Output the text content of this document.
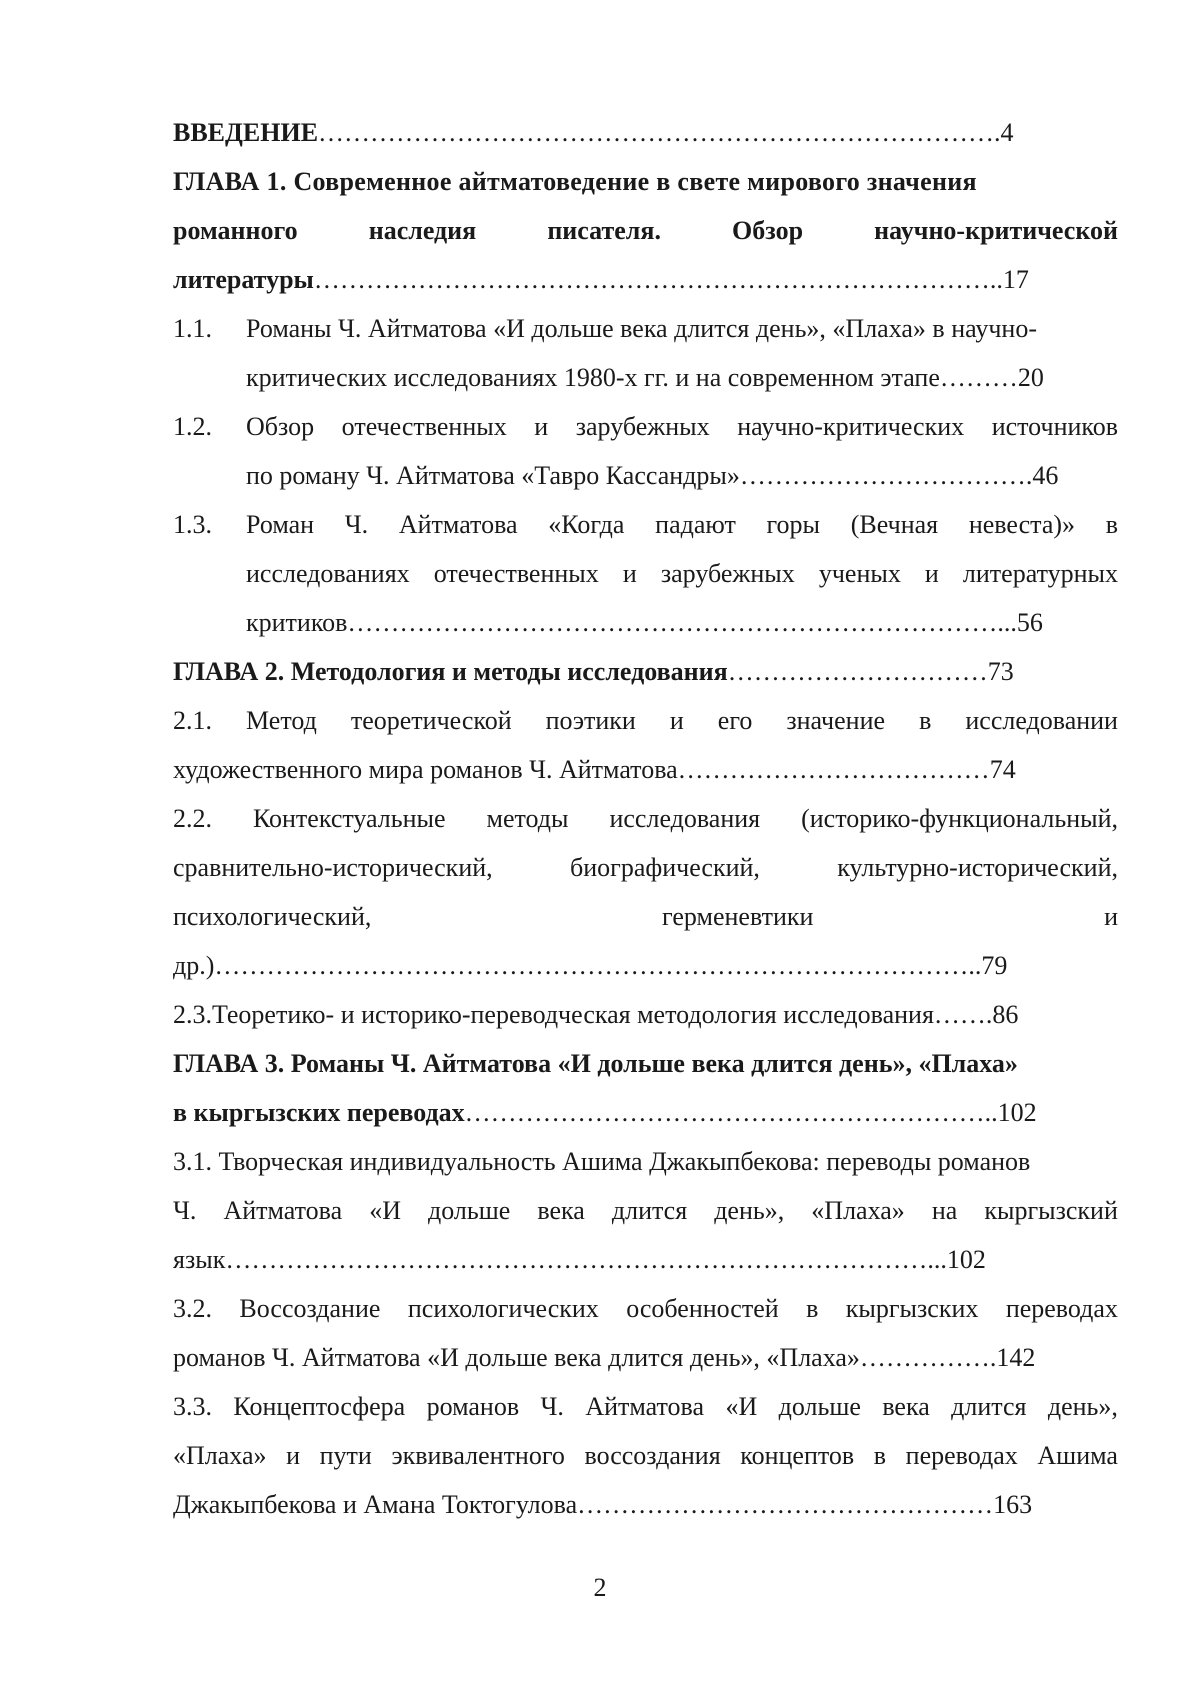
ВВЕДЕНИЕ…………………………………………………………………….4
ГЛАВА 1. Современное айтматоведение в свете мирового значения
романного	наследия	писателя.	Обзор	научно-критической
литературы……………………………………………………………………..17
1.1. Романы Ч. Айтматова «И дольше века длится день», «Плаха» в научно-
критических исследованиях 1980-х гг. и на современном этапе………20
1.2. Обзор отечественных и зарубежных научно-критических источников
по роману Ч. Айтматова «Тавро Кассандры»…………………………….46
1.3. Роман Ч. Айтматова «Когда падают горы (Вечная невеста)» в
исследованиях отечественных и зарубежных ученых и литературных
критиков…………………………………………………………………...56
ГЛАВА 2. Методология и методы исследования…………………………73
2.1. Метод теоретической поэтики и его значение в исследовании
художественного мира романов Ч. Айтматова………………………………74
2.2. Контекстуальные методы исследования (историко-функциональный,
сравнительно-исторический,	биографический,	культурно-исторический,
психологический,	герменевтики	и
др.)……………………………………………………………………………..79
2.3.Теоретико- и историко-переводческая методология исследования…….86
ГЛАВА 3. Романы Ч. Айтматова «И дольше века длится день», «Плаха»
в кыргызских переводах……………………………………………………..102
3.1. Творческая индивидуальность Ашима Джакыпбекова: переводы романов
Ч. Айтматова «И дольше века длится день», «Плаха» на кыргызский
язык………………………………………………………………………...102
3.2. Воссоздание психологических особенностей в кыргызских переводах
романов Ч. Айтматова «И дольше века длится день», «Плаха»…………….142
3.3. Концептосфера романов Ч. Айтматова «И дольше века длится день»,
«Плаха» и пути эквивалентного воссоздания концептов в переводах Ашима
Джакыпбекова и Амана Токтогулова…………………………………………163
2
